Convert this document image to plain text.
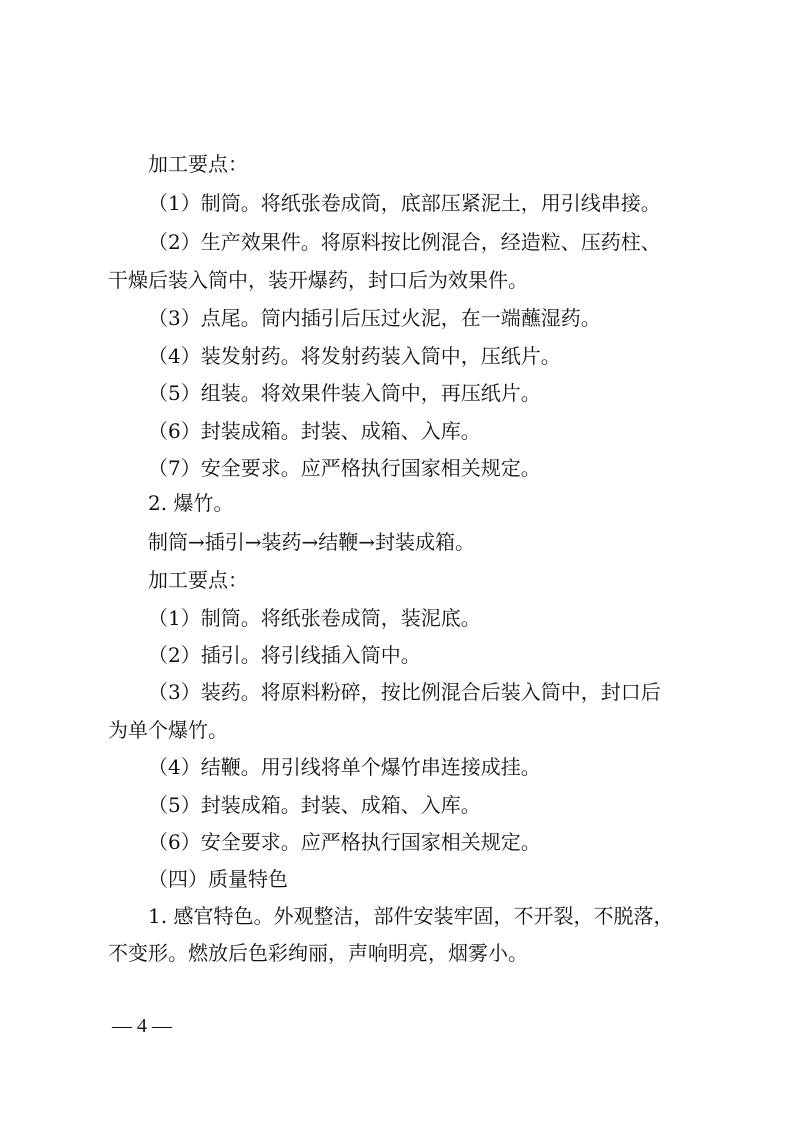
加工要点：
（1）制筒。将纸张卷成筒，底部压紧泥土，用引线串接。
（2）生产效果件。将原料按比例混合，经造粒、压药柱、
干燥后装入筒中，装开爆药，封口后为效果件。
（3）点尾。筒内插引后压过火泥，在一端蘸湿药。
（4）装发射药。将发射药装入筒中，压纸片。
（5）组装。将效果件装入筒中，再压纸片。
（6）封装成箱。封装、成箱、入库。
（7）安全要求。应严格执行国家相关规定。
2. 爆竹。
制筒→插引→装药→结鞭→封装成箱。
加工要点：
（1）制筒。将纸张卷成筒，装泥底。
（2）插引。将引线插入筒中。
（3）装药。将原料粉碎，按比例混合后装入筒中，封口后
为单个爆竹。
（4）结鞭。用引线将单个爆竹串连接成挂。
（5）封装成箱。封装、成箱、入库。
（6）安全要求。应严格执行国家相关规定。
（四）质量特色
1. 感官特色。外观整洁，部件安装牢固，不开裂，不脱落，
不变形。燃放后色彩绚丽，声响明亮，烟雾小。
— 4 —
